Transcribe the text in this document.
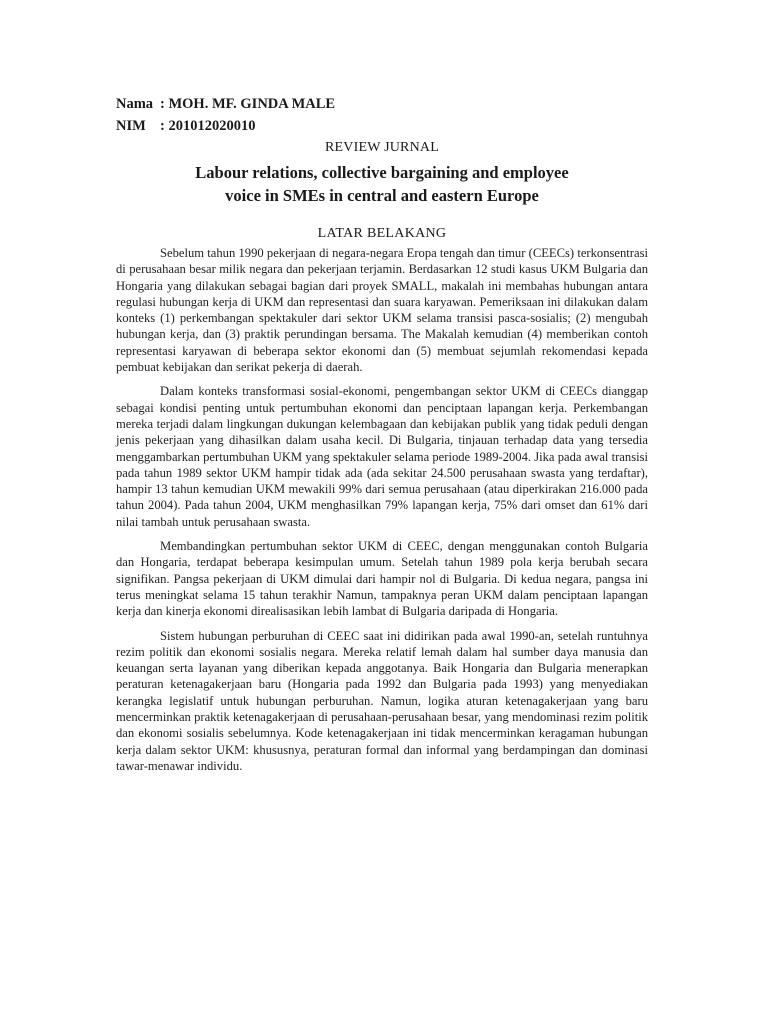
Nama : MOH. MF. GINDA MALE
NIM : 201012020010
REVIEW JURNAL
Labour relations, collective bargaining and employee
voice in SMEs in central and eastern Europe
LATAR BELAKANG

Sebelum tahun 1990 pekerjaan di negara-negara Eropa tengah dan timur (CEECs) terkonsentrasi di perusahaan besar milik negara dan pekerjaan terjamin. Berdasarkan 12 studi kasus UKM Bulgaria dan Hongaria yang dilakukan sebagai bagian dari proyek SMALL, makalah ini membahas hubungan antara regulasi hubungan kerja di UKM dan representasi dan suara karyawan. Pemeriksaan ini dilakukan dalam konteks (1) perkembangan spektakuler dari sektor UKM selama transisi pasca-sosialis; (2) mengubah hubungan kerja, dan (3) praktik perundingan bersama. The Makalah kemudian (4) memberikan contoh representasi karyawan di beberapa sektor ekonomi dan (5) membuat sejumlah rekomendasi kepada pembuat kebijakan dan serikat pekerja di daerah.

Dalam konteks transformasi sosial-ekonomi, pengembangan sektor UKM di CEECs dianggap sebagai kondisi penting untuk pertumbuhan ekonomi dan penciptaan lapangan kerja. Perkembangan mereka terjadi dalam lingkungan dukungan kelembagaan dan kebijakan publik yang tidak peduli dengan jenis pekerjaan yang dihasilkan dalam usaha kecil. Di Bulgaria, tinjauan terhadap data yang tersedia menggambarkan pertumbuhan UKM yang spektakuler selama periode 1989-2004. Jika pada awal transisi pada tahun 1989 sektor UKM hampir tidak ada (ada sekitar 24.500 perusahaan swasta yang terdaftar), hampir 13 tahun kemudian UKM mewakili 99% dari semua perusahaan (atau diperkirakan 216.000 pada tahun 2004). Pada tahun 2004, UKM menghasilkan 79% lapangan kerja, 75% dari omset dan 61% dari nilai tambah untuk perusahaan swasta.

Membandingkan pertumbuhan sektor UKM di CEEC, dengan menggunakan contoh Bulgaria dan Hongaria, terdapat beberapa kesimpulan umum. Setelah tahun 1989 pola kerja berubah secara signifikan. Pangsa pekerjaan di UKM dimulai dari hampir nol di Bulgaria. Di kedua negara, pangsa ini terus meningkat selama 15 tahun terakhir Namun, tampaknya peran UKM dalam penciptaan lapangan kerja dan kinerja ekonomi direalisasikan lebih lambat di Bulgaria daripada di Hongaria.

Sistem hubungan perburuhan di CEEC saat ini didirikan pada awal 1990-an, setelah runtuhnya rezim politik dan ekonomi sosialis negara. Mereka relatif lemah dalam hal sumber daya manusia dan keuangan serta layanan yang diberikan kepada anggotanya. Baik Hongaria dan Bulgaria menerapkan peraturan ketenagakerjaan baru (Hongaria pada 1992 dan Bulgaria pada 1993) yang menyediakan kerangka legislatif untuk hubungan perburuhan. Namun, logika aturan ketenagakerjaan yang baru mencerminkan praktik ketenagakerjaan di perusahaan-perusahaan besar, yang mendominasi rezim politik dan ekonomi sosialis sebelumnya. Kode ketenagakerjaan ini tidak mencerminkan keragaman hubungan kerja dalam sektor UKM: khususnya, peraturan formal dan informal yang berdampingan dan dominasi tawar-menawar individu.
